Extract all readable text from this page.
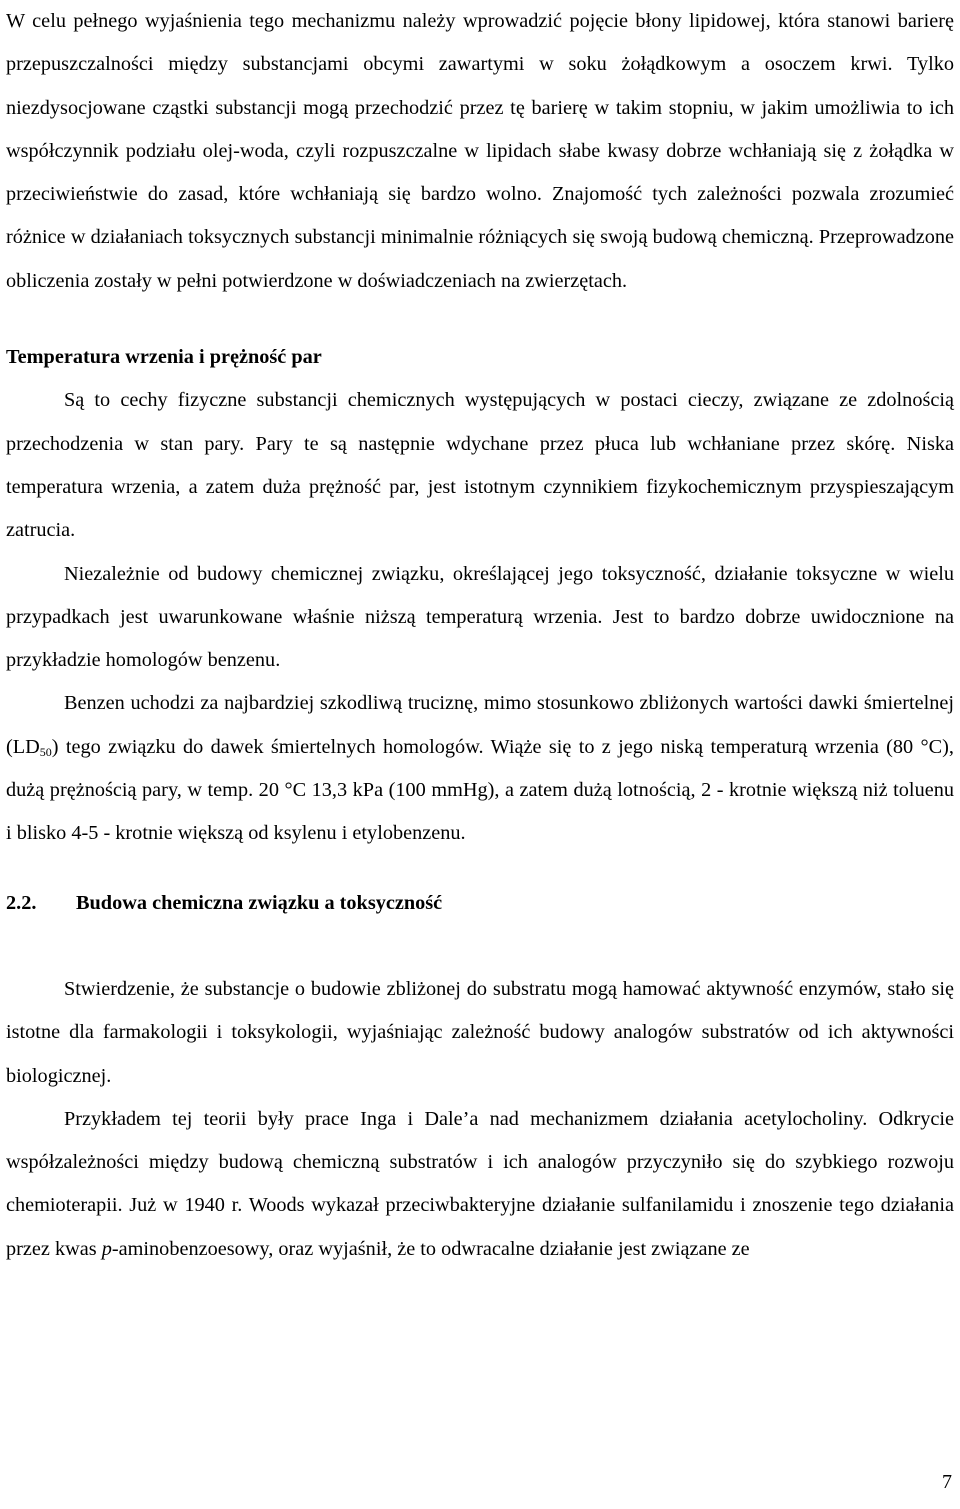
W celu pełnego wyjaśnienia tego mechanizmu należy wprowadzić pojęcie błony lipidowej, która stanowi barierę przepuszczalności między substancjami obcymi zawartymi w soku żołądkowym a osoczem krwi. Tylko niezdysocjowane cząstki substancji mogą przechodzić przez tę barierę w takim stopniu, w jakim umożliwia to ich współczynnik podziału olej-woda, czyli rozpuszczalne w lipidach słabe kwasy dobrze wchłaniają się z żołądka w przeciwieństwie do zasad, które wchłaniają się bardzo wolno. Znajomość tych zależności pozwala zrozumieć różnice w działaniach toksycznych substancji minimalnie różniących się swoją budową chemiczną. Przeprowadzone obliczenia zostały w pełni potwierdzone w doświadczeniach na zwierzętach.

Temperatura wrzenia i prężność par

Są to cechy fizyczne substancji chemicznych występujących w postaci cieczy, związane ze zdolnością przechodzenia w stan pary. Pary te są następnie wdychane przez płuca lub wchłaniane przez skórę. Niska temperatura wrzenia, a zatem duża prężność par, jest istotnym czynnikiem fizykochemicznym przyspieszającym zatrucia.

Niezależnie od budowy chemicznej związku, określającej jego toksyczność, działanie toksyczne w wielu przypadkach jest uwarunkowane właśnie niższą temperaturą wrzenia. Jest to bardzo dobrze uwidocznione na przykładzie homologów benzenu.

Benzen uchodzi za najbardziej szkodliwą truciznę, mimo stosunkowo zbliżonych wartości dawki śmiertelnej $(LD_{50})$ tego związku do dawek śmiertelnych homologów. Wiąże się to z jego niską temperaturą wrzenia (80 °C), dużą prężnością pary, w temp. 20 °C 13,3 kPa (100 mmHg), a zatem dużą lotnością, 2 - krotnie większą niż toluenu i blisko 4-5 - krotnie większą od ksylenu i etylobenzenu.

2.2. Budowa chemiczna związku a toksyczność

Stwierdzenie, że substancje o budowie zbliżonej do substratu mogą hamować aktywność enzymów, stało się istotne dla farmakologii i toksykologii, wyjaśniając zależność budowy analogów substratów od ich aktywności biologicznej.

Przykładem tej teorii były prace Inga i Dale’a nad mechanizmem działania acetylocholiny. Odkrycie współzależności między budową chemiczną substratów i ich analogów przyczyniło się do szybkiego rozwoju chemioterapii. Już w 1940 r. Woods wykazał przeciwbakteryjne działanie sulfanilamidu i znoszenie tego działania przez kwas p-aminobenzoesowy, oraz wyjaśnił, że to odwracalne działanie jest związane ze

7
